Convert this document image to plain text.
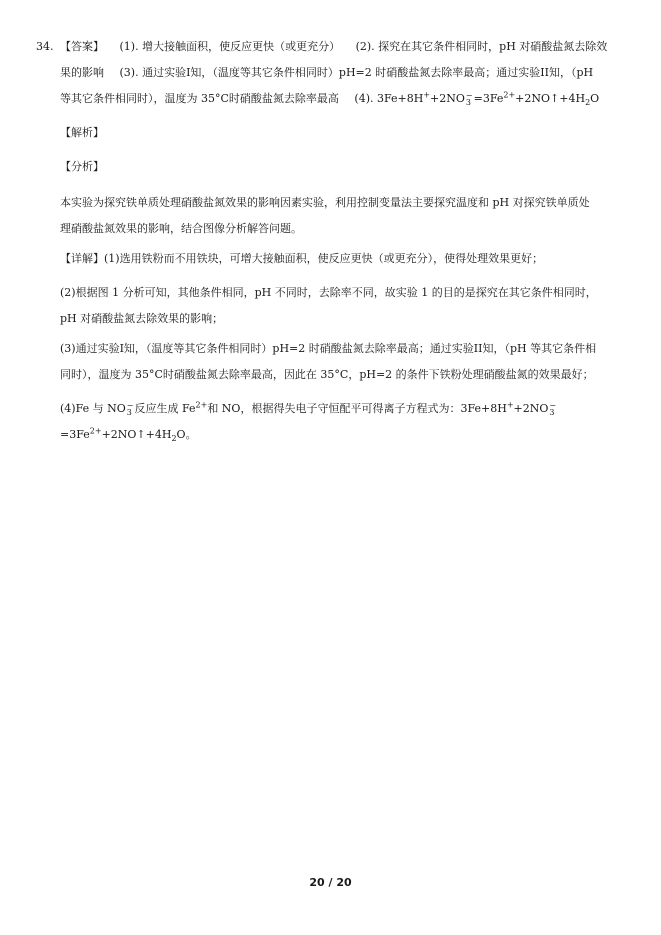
34. 【答案】 (1). 增大接触面积，使反应更快（或更充分） (2). 探究在其它条件相同时，pH 对硝酸盐氮去除效
果的影响 (3). 通过实验I知，（温度等其它条件相同时）pH=2 时硝酸盐氮去除率最高；通过实验II知，（pH
等其它条件相同时），温度为 35°C时硝酸盐氮去除率最高 (4). 3Fe+8H++2NO −
$3 =3Fe^{2+}+2NO↑+4H_2O$
【解析】
【分析】
本实验为探究铁单质处理硝酸盐氮效果的影响因素实验，利用控制变量法主要探究温度和 pH 对探究铁单质处
理硝酸盐氮效果的影响，结合图像分析解答问题。
【详解】(1)选用铁粉而不用铁块，可增大接触面积，使反应更快（或更充分），使得处理效果更好；
(2)根据图 1 分析可知，其他条件相同，pH 不同时，去除率不同，故实验 1 的目的是探究在其它条件相同时，
pH 对硝酸盐氮去除效果的影响；
(3)通过实验I知，（温度等其它条件相同时）pH=2 时硝酸盐氮去除率最高；通过实验II知，（pH 等其它条件相
同时），温度为 35°C时硝酸盐氮去除率最高，因此在 35°C，pH=2 的条件下铁粉处理硝酸盐氮的效果最好；
(4)Fe 与 NO −
3 反应生成 $Fe^{2+}$和 NO，根据得失电子守恒配平可得离子方程式为：3Fe+8H++2NO −
3
$=3Fe^{2+}+2NO↑+4H_2O$。
20 / 20
